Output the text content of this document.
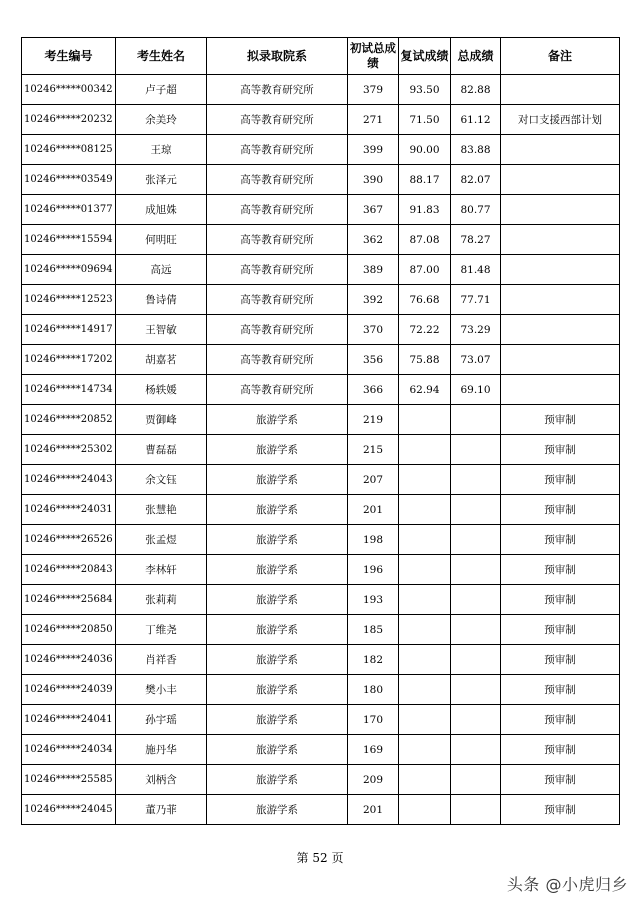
考生编号	考生姓名	拟录取院系	初试总成绩	复试成绩	总成绩	备注
10246*****00342	卢子超	高等教育研究所	379	93.50	82.88	
10246*****20232	余美玲	高等教育研究所	271	71.50	61.12	对口支援西部计划
10246*****08125	王琼	高等教育研究所	399	90.00	83.88	
10246*****03549	张泽元	高等教育研究所	390	88.17	82.07	
10246*****01377	成旭姝	高等教育研究所	367	91.83	80.77	
10246*****15594	何明旺	高等教育研究所	362	87.08	78.27	
10246*****09694	高远	高等教育研究所	389	87.00	81.48	
10246*****12523	鲁诗倩	高等教育研究所	392	76.68	77.71	
10246*****14917	王智敏	高等教育研究所	370	72.22	73.29	
10246*****17202	胡嘉茗	高等教育研究所	356	75.88	73.07	
10246*****14734	杨轶媛	高等教育研究所	366	62.94	69.10	
10246*****20852	贾御峰	旅游学系	219			预审制
10246*****25302	曹磊磊	旅游学系	215			预审制
10246*****24043	余文钰	旅游学系	207			预审制
10246*****24031	张慧艳	旅游学系	201			预审制
10246*****26526	张孟煜	旅游学系	198			预审制
10246*****20843	李林轩	旅游学系	196			预审制
10246*****25684	张莉莉	旅游学系	193			预审制
10246*****20850	丁维尧	旅游学系	185			预审制
10246*****24036	肖祥香	旅游学系	182			预审制
10246*****24039	樊小丰	旅游学系	180			预审制
10246*****24041	孙宇瑶	旅游学系	170			预审制
10246*****24034	施丹华	旅游学系	169			预审制
10246*****25585	刘柄含	旅游学系	209			预审制
10246*****24045	董乃菲	旅游学系	201			预审制
第 52 页
头条 @小虎归乡
